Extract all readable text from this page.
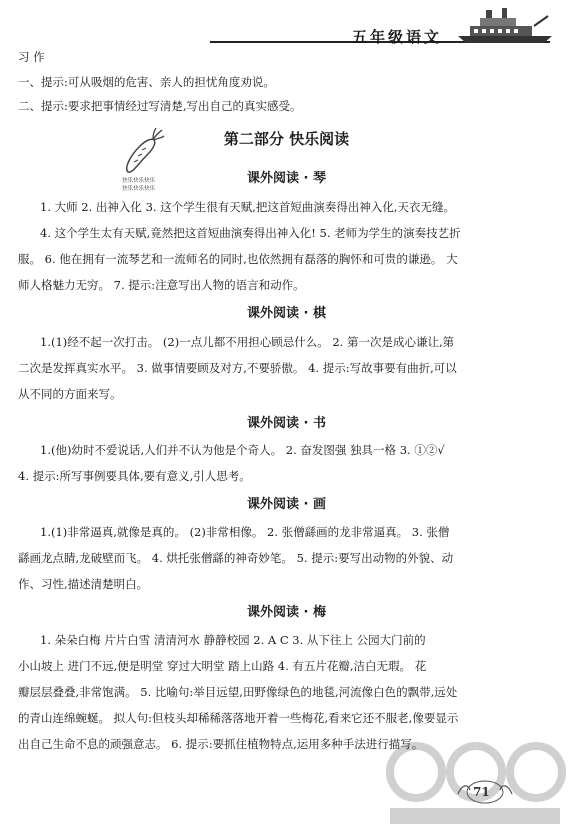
五年级语文

习 作

一、提示:可从吸烟的危害、亲人的担忧角度劝说。

二、提示:要求把事情经过写清楚,写出自己的真实感受。

快乐快乐快乐
快乐快乐快乐
第二部分 快乐阅读
课外阅读 · 琴

1. 大师 2. 出神入化 3. 这个学生很有天赋,把这首短曲演奏得出神入化,天衣无缝。

4. 这个学生太有天赋,竟然把这首短曲演奏得出神入化! 5. 老师为学生的演奏技艺折

服。 6. 他在拥有一流琴艺和一流师名的同时,也依然拥有磊落的胸怀和可贵的谦逊。 大

师人格魅力无穷。 7. 提示:注意写出人物的语言和动作。

课外阅读 · 棋

1.(1)经不起一次打击。 (2)一点儿都不用担心顾忌什么。 2. 第一次是成心谦让,第

二次是发挥真实水平。 3. 做事情要顾及对方,不要骄傲。 4. 提示:写故事要有曲折,可以

从不同的方面来写。

课外阅读 · 书

1.(他)幼时不爱说话,人们并不认为他是个奇人。 2. 奋发图强 独具一格 3. ①②√

4. 提示:所写事例要具体,要有意义,引人思考。

课外阅读 · 画

1.(1)非常逼真,就像是真的。 (2)非常相像。 2. 张僧繇画的龙非常逼真。 3. 张僧

繇画龙点睛,龙破壁而飞。 4. 烘托张僧繇的神奇妙笔。 5. 提示:要写出动物的外貌、动

作、习性,描述清楚明白。

课外阅读 · 梅

1. 朵朵白梅 片片白雪 清清河水 静静校园 2. A C 3. 从下往上 公园大门前的

小山坡上 进门不远,便是明堂 穿过大明堂 踏上山路 4. 有五片花瓣,洁白无瑕。 花

瓣层层叠叠,非常饱满。 5. 比喻句:举目远望,田野像绿色的地毯,河流像白色的飘带,远处

的青山连绵蜿蜒。 拟人句:但枝头却稀稀落落地开着一些梅花,看来它还不服老,像要显示

出自己生命不息的顽强意志。 6. 提示:要抓住植物特点,运用多种手法进行描写。

71
